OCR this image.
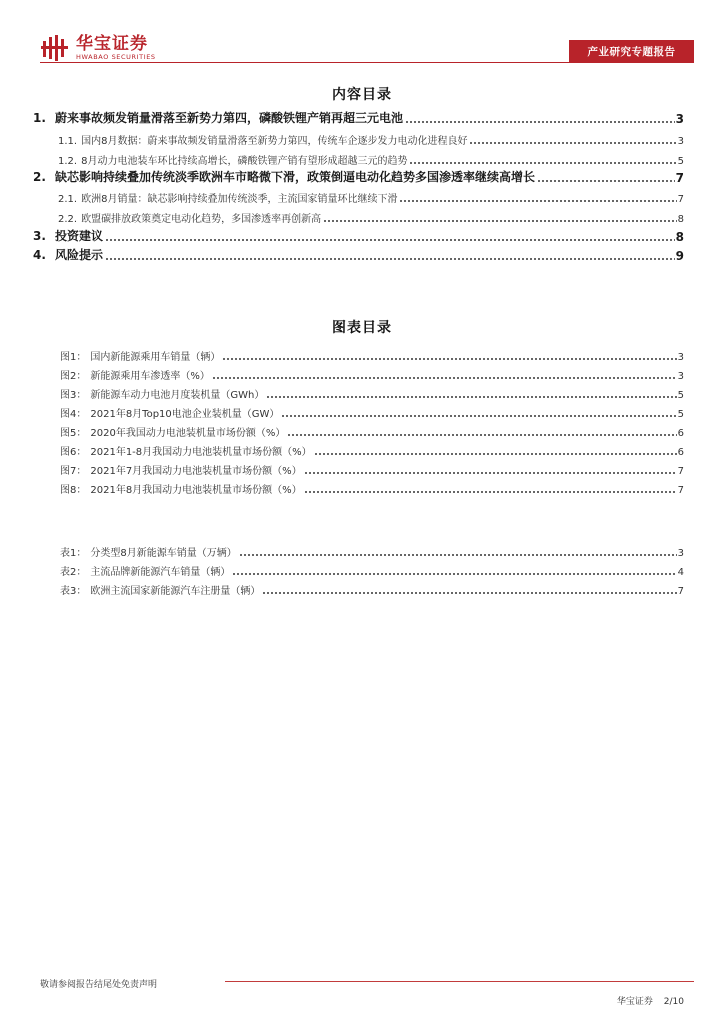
华宝证券
HWABAO SECURITIES	产业研究专题报告
内容目录
1. 蔚来事故频发销量滑落至新势力第四，磷酸铁锂产销再超三元电池	3
1.1. 国内8月数据：蔚来事故频发销量滑落至新势力第四，传统车企逐步发力电动化进程良好	3
1.2. 8月动力电池装车环比持续高增长，磷酸铁锂产销有望形成超越三元的趋势	5
2. 缺芯影响持续叠加传统淡季欧洲车市略微下滑，政策倒逼电动化趋势多国渗透率继续高增长	7
2.1. 欧洲8月销量：缺芯影响持续叠加传统淡季，主流国家销量环比继续下滑	7
2.2. 欧盟碳排放政策奠定电动化趋势，多国渗透率再创新高	8
3. 投资建议	8
4. 风险提示	9
图表目录
图1： 国内新能源乘用车销量（辆）	3
图2： 新能源乘用车渗透率（%）	3
图3： 新能源车动力电池月度装机量（GWh）	5
图4： 2021年8月Top10电池企业装机量（GW）	5
图5： 2020年我国动力电池装机量市场份额（%）	6
图6： 2021年1-8月我国动力电池装机量市场份额（%）	6
图7： 2021年7月我国动力电池装机量市场份额（%）	7
图8： 2021年8月我国动力电池装机量市场份额（%）	7
表1： 分类型8月新能源车销量（万辆）	3
表2： 主流品牌新能源汽车销量（辆）	4
表3： 欧洲主流国家新能源汽车注册量（辆）	7
敬请参阅报告结尾处免责声明
华宝证券 2/10
